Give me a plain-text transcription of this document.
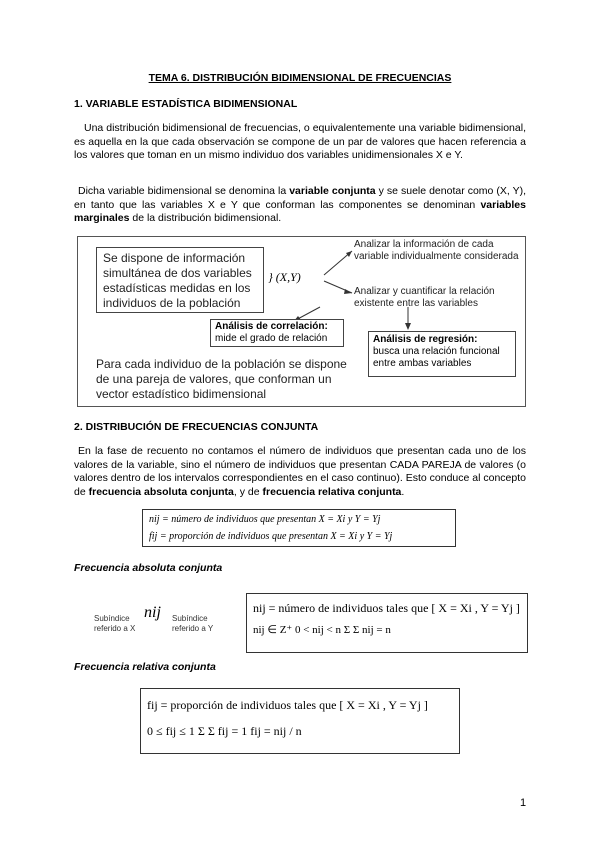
TEMA 6. DISTRIBUCIÓN BIDIMENSIONAL DE FRECUENCIAS
1. VARIABLE ESTADÍSTICA BIDIMENSIONAL
Una distribución bidimensional de frecuencias, o equivalentemente una variable bidimensional, es aquella en la que cada observación se compone de un par de valores que hacen referencia a los valores que toman en un mismo individuo dos variables unidimensionales X e Y.
Dicha variable bidimensional se denomina la variable conjunta y se suele denotar como (X, Y), en tanto que las variables X e Y que conforman las componentes se denominan variables marginales de la distribución bidimensional.
Se dispone de información simultánea de dos variables estadísticas medidas en los individuos de la población
} (X,Y)
Analizar la información de cada variable individualmente considerada
Analizar y cuantificar la relación existente entre las variables
Análisis de correlación:
mide el grado de relación	Análisis de regresión:
busca una relación funcional entre ambas variables
Para cada individuo de la población se dispone de una pareja de valores, que conforman un vector estadístico bidimensional
2. DISTRIBUCIÓN DE FRECUENCIAS CONJUNTA
En la fase de recuento no contamos el número de individuos que presentan cada uno de los valores de la variable, sino el número de individuos que presentan CADA PAREJA de valores (o valores dentro de los intervalos correspondientes en el caso continuo). Esto conduce al concepto de frecuencia absoluta conjunta, y de frecuencia relativa conjunta.
nij = número de individuos que presentan X = Xi y Y = Yj
fij = proporción de individuos que presentan X = Xi y Y = Yj
Frecuencia absoluta conjunta
Subíndice referido a X
nij Subíndice referido a Y
nij = número de individuos tales que [ X = Xi , Y = Yj ]
nij ∈ Z⁺ 0 < nij < n Σ Σ nij = n
Frecuencia relativa conjunta
fij = proporción de individuos tales que [ X = Xi , Y = Yj ]
0 ≤ fij ≤ 1 Σ Σ fij = 1 fij = nij / n
1
